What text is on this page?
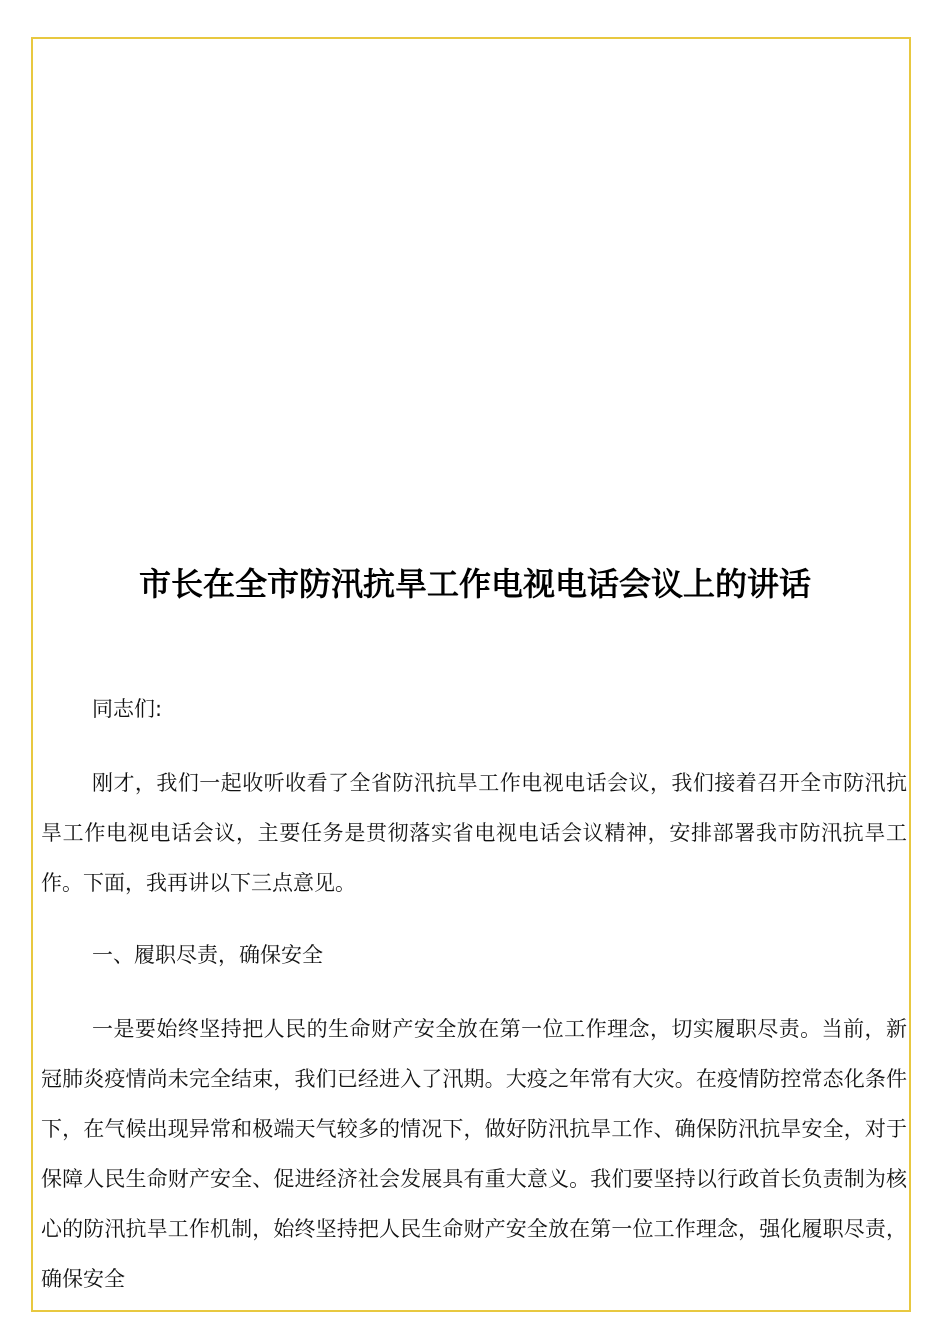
市长在全市防汛抗旱工作电视电话会议上的讲话
同志们:
刚才，我们一起收听收看了全省防汛抗旱工作电视电话会议，我们接着召开全市防汛抗旱工作电视电话会议，主要任务是贯彻落实省电视电话会议精神，安排部署我市防汛抗旱工作。下面，我再讲以下三点意见。
一、履职尽责，确保安全
一是要始终坚持把人民的生命财产安全放在第一位工作理念，切实履职尽责。当前，新冠肺炎疫情尚未完全结束，我们已经进入了汛期。大疫之年常有大灾。在疫情防控常态化条件下，在气候出现异常和极端天气较多的情况下，做好防汛抗旱工作、确保防汛抗旱安全，对于保障人民生命财产安全、促进经济社会发展具有重大意义。我们要坚持以行政首长负责制为核心的防汛抗旱工作机制，始终坚持把人民生命财产安全放在第一位工作理念，强化履职尽责，确保安全
